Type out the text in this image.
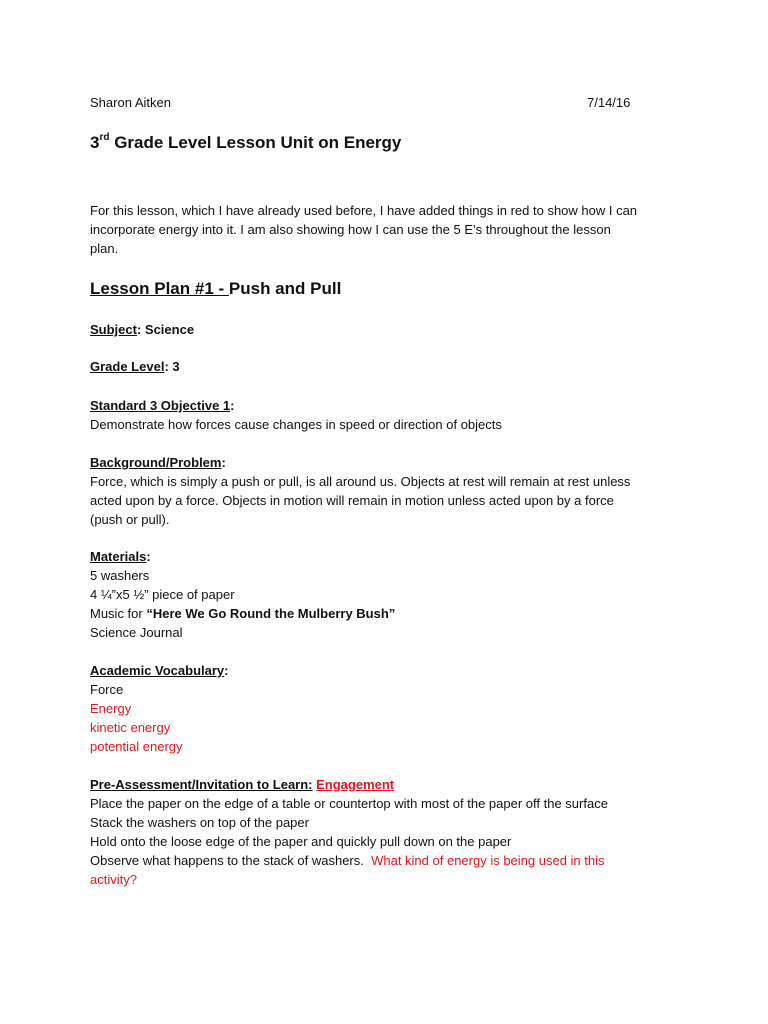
Sharon Aitken	7/14/16
3rd Grade Level Lesson Unit on Energy
For this lesson, which I have already used before, I have added things in red to show how I can
incorporate energy into it. I am also showing how I can use the 5 E’s throughout the lesson
plan.
Lesson Plan #1 - Push and Pull
Subject: Science
Grade Level: 3
Standard 3 Objective 1:
Demonstrate how forces cause changes in speed or direction of objects
Background/Problem:
Force, which is simply a push or pull, is all around us. Objects at rest will remain at rest unless
acted upon by a force. Objects in motion will remain in motion unless acted upon by a force
(push or pull).
Materials:
5 washers
4 ¼”x5 ½” piece of paper
Music for “Here We Go Round the Mulberry Bush”
Science Journal
Academic Vocabulary:
Force
Energy
kinetic energy
potential energy
Pre-Assessment/Invitation to Learn: Engagement
Place the paper on the edge of a table or countertop with most of the paper off the surface
Stack the washers on top of the paper
Hold onto the loose edge of the paper and quickly pull down on the paper
Observe what happens to the stack of washers.  What kind of energy is being used in this
activity?
